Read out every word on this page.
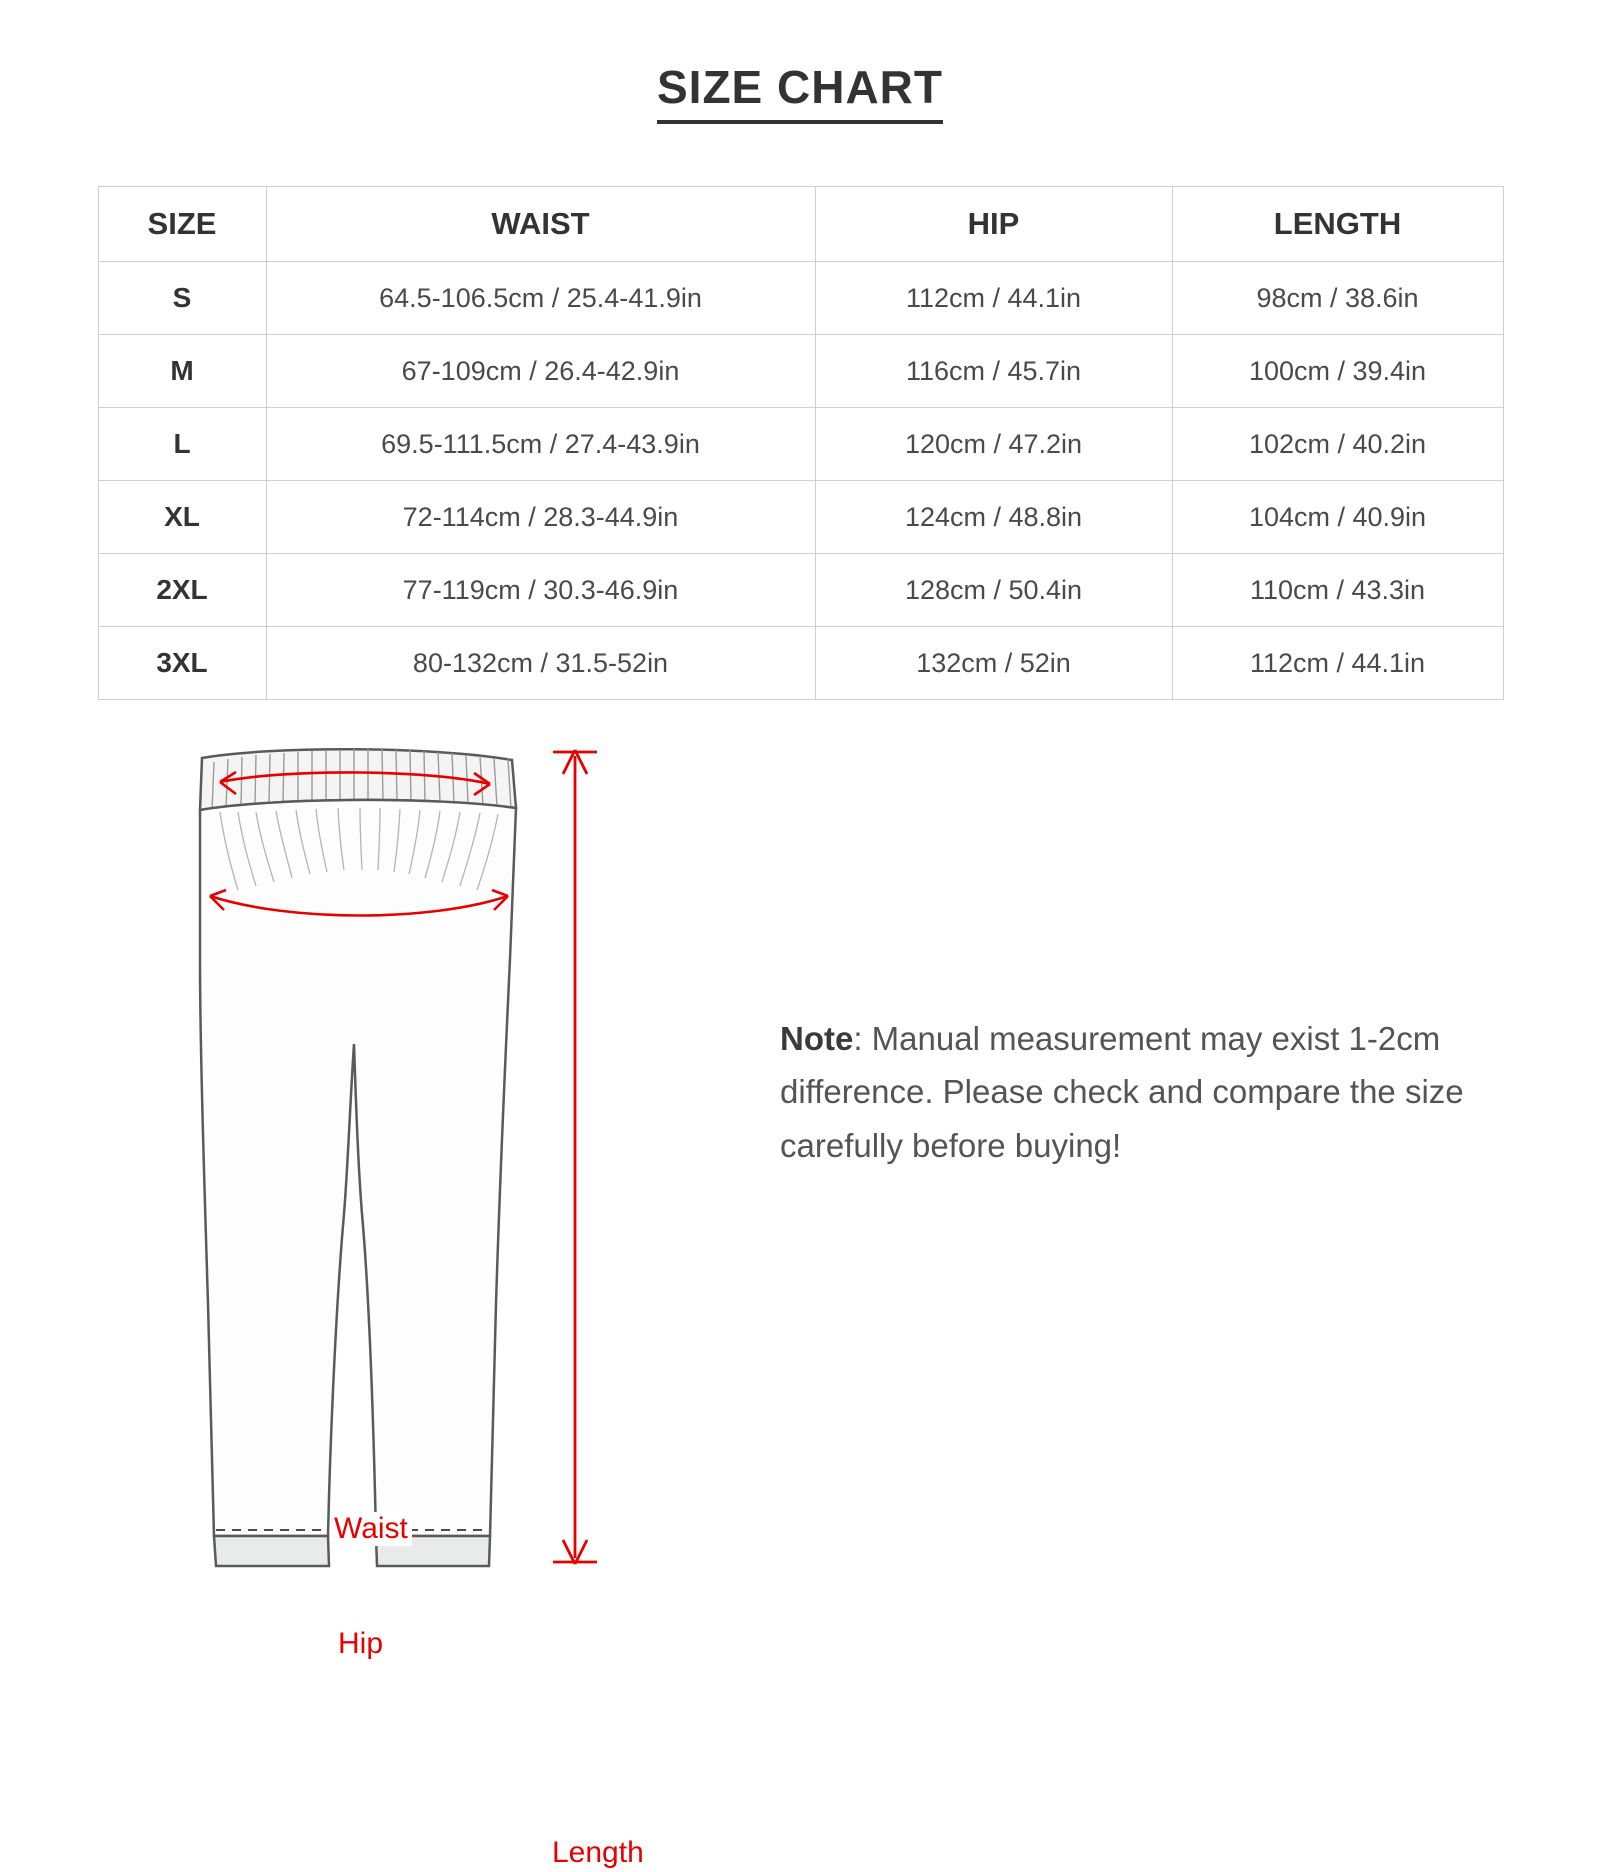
SIZE CHART
SIZE	WAIST	HIP	LENGTH
S	64.5-106.5cm / 25.4-41.9in	112cm / 44.1in	98cm / 38.6in
M	67-109cm / 26.4-42.9in	116cm / 45.7in	100cm / 39.4in
L	69.5-111.5cm / 27.4-43.9in	120cm / 47.2in	102cm / 40.2in
XL	72-114cm / 28.3-44.9in	124cm / 48.8in	104cm / 40.9in
2XL	77-119cm / 30.3-46.9in	128cm / 50.4in	110cm / 43.3in
3XL	80-132cm / 31.5-52in	132cm / 52in	112cm / 44.1in
Waist
Hip
Length
Note: Manual measurement may exist 1-2cm difference. Please check and compare the size carefully before buying!
